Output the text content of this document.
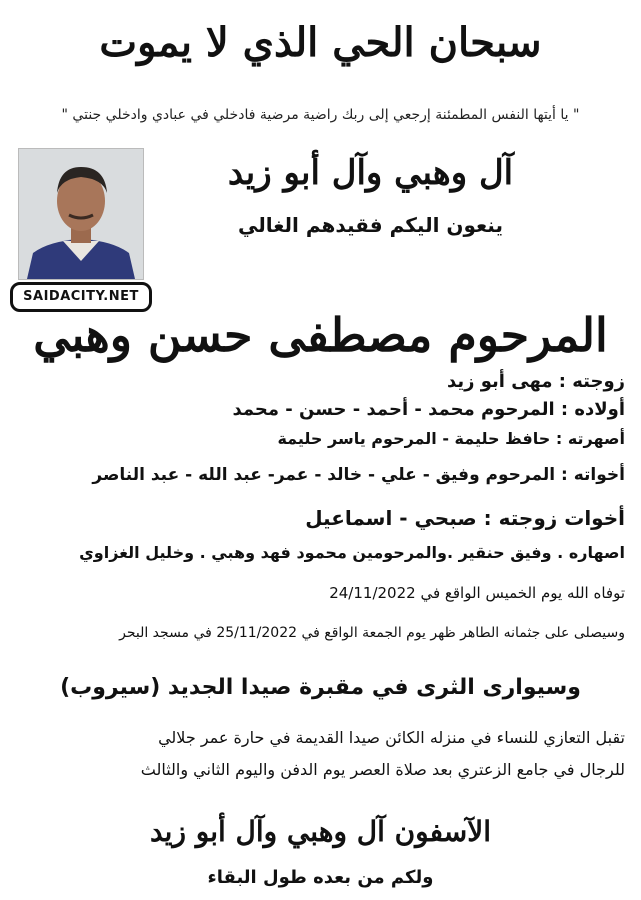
سبحان الحي الذي لا يموت
" يا أيتها النفس المطمئنة إرجعي إلى ربك راضية مرضية فادخلي في عبادي وادخلي جنتي "
SAIDACITY.NET
آل وهبي وآل أبو زيد
ينعون اليكم فقيدهم الغالي
المرحوم مصطفى حسن وهبي
زوجته : مهى أبو زيد
أولاده : المرحوم محمد - أحمد - حسن - محمد
أصهرته : حافظ حليمة - المرحوم ياسر حليمة
أخواته : المرحوم وفيق - علي - خالد - عمر- عبد الله - عبد الناصر
أخوات زوجته : صبحي - اسماعيل
اصهاره . وفيق حنقير .والمرحومين محمود فهد وهبي . وخليل الغزاوي
توفاه الله يوم الخميس الواقع في 24/11/2022
وسيصلى على جثمانه الطاهر ظهر يوم الجمعة الواقع في 25/11/2022 في مسجد البحر
وسيوارى الثرى في مقبرة صيدا الجديد (سيروب)
تقبل التعازي للنساء في منزله الكائن صيدا القديمة في حارة عمر جلالي
للرجال في جامع الزعتري بعد صلاة العصر يوم الدفن واليوم الثاني والثالث
الآسفون آل وهبي وآل أبو زيد
ولكم من بعده طول البقاء
